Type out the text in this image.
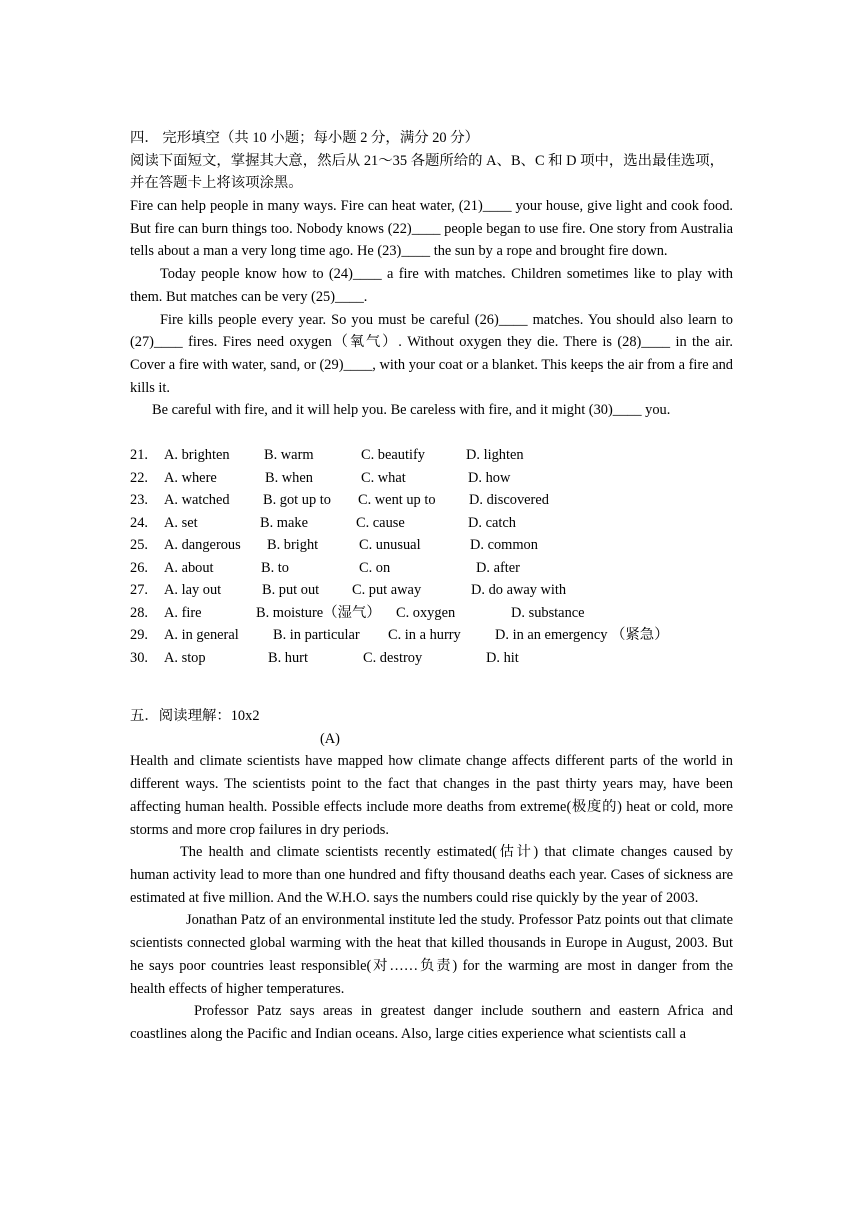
四． 完形填空（共 10 小题；每小题 2 分，满分 20 分）
阅读下面短文，掌握其大意，然后从 21～35 各题所给的 A、B、C 和 D 项中，选出最佳选项，
并在答题卡上将该项涂黑。

Fire can help people in many ways. Fire can heat water, (21)____ your house, give light and cook food. But fire can burn things too. Nobody knows (22)____ people began to use fire. One story from Australia tells about a man a very long time ago. He (23)____ the sun by a rope and brought fire down.

Today people know how to (24)____ a fire with matches. Children sometimes like to play with them. But matches can be very (25)____.

Fire kills people every year. So you must be careful (26)____ matches. You should also learn to (27)____ fires. Fires need oxygen（氧气）. Without oxygen they die. There is (28)____ in the air. Cover a fire with water, sand, or (29)____, with your coat or a blanket. This keeps the air from a fire and kills it.

Be careful with fire, and it will help you. Be careless with fire, and it might (30)____ you.

21. A. brighten B. warm	C. beautify	D. lighten
22. A. where	B. when	C. what	D. how
23. A. watched B. got up to C. went up to D. discovered
24. A. set	B. make	C. cause	D. catch
25. A. dangerous B. bright	C. unusual	D. common
26. A. about	B. to	C. on	D. after
27. A. lay out	B. put out C. put away	D. do away with
28. A. fire	B. moisture（湿气） C. oxygen	D. substance
29. A. in general B. in particular C. in a hurry D. in an emergency （紧急）
30. A. stop	B. hurt	C. destroy	D. hit
五．阅读理解：10x2
(A)

Health and climate scientists have mapped how climate change affects different parts of the world in different ways. The scientists point to the fact that changes in the past thirty years may, have been affecting human health. Possible effects include more deaths from extreme(极度的) heat or cold, more storms and more crop failures in dry periods.

The health and climate scientists recently estimated(估计) that climate changes caused by human activity lead to more than one hundred and fifty thousand deaths each year. Cases of sickness are estimated at five million. And the W.H.O. says the numbers could rise quickly by the year of 2003.

Jonathan Patz of an environmental institute led the study. Professor Patz points out that climate scientists connected global warming with the heat that killed thousands in Europe in August, 2003. But he says poor countries least responsible(对……负责) for the warming are most in danger from the health effects of higher temperatures.

Professor Patz says areas in greatest danger include southern and eastern Africa and coastlines along the Pacific and Indian oceans. Also, large cities experience what scientists call a
